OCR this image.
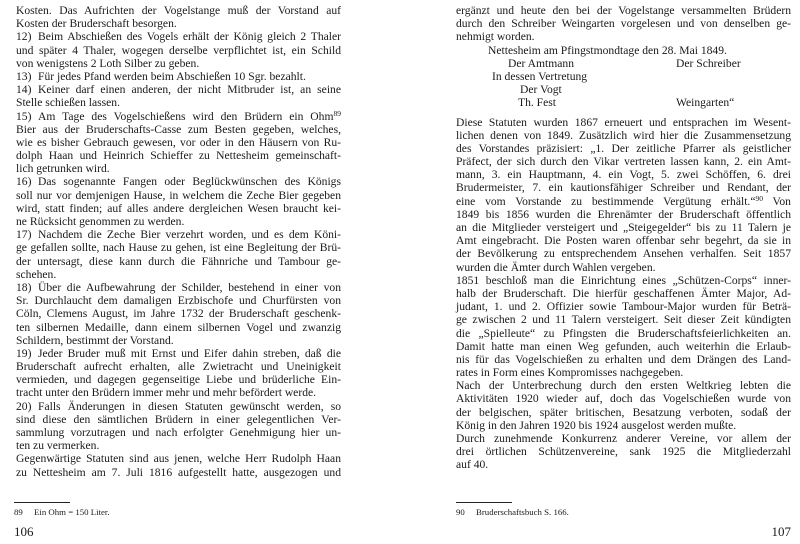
Kosten. Das Aufrichten der Vogelstange muß der Vorstand auf
Kosten der Bruderschaft besorgen.
12) Beim Abschießen des Vogels erhält der König gleich 2 Thaler
und später 4 Thaler, wogegen derselbe verpflichtet ist, ein Schild
von wenigstens 2 Loth Silber zu geben.
13) Für jedes Pfand werden beim Abschießen 10 Sgr. bezahlt.
14) Keiner darf einen anderen, der nicht Mitbruder ist, an seine
Stelle schießen lassen.
15) Am Tage des Vogelschießens wird den Brüdern ein Ohm$^{89}$
Bier aus der Bruderschafts-Casse zum Besten gegeben, welches,
wie es bisher Gebrauch gewesen, vor oder in den Häusern von Ru-
dolph Haan und Heinrich Schieffer zu Nettesheim gemeinschaft-
lich getrunken wird.
16) Das sogenannte Fangen oder Beglückwünschen des Königs
soll nur vor demjenigen Hause, in welchem die Zeche Bier gegeben
wird, statt finden; auf alles andere dergleichen Wesen braucht kei-
ne Rücksicht genommen zu werden.
17) Nachdem die Zeche Bier verzehrt worden, und es dem Köni-
ge gefallen sollte, nach Hause zu gehen, ist eine Begleitung der Brü-
der untersagt, diese kann durch die Fähnriche und Tambour ge-
schehen.
18) Über die Aufbewahrung der Schilder, bestehend in einer von
Sr. Durchlaucht dem damaligen Erzbischofe und Churfürsten von
Cöln, Clemens August, im Jahre 1732 der Bruderschaft geschenk-
ten silbernen Medaille, dann einem silbernen Vogel und zwanzig
Schildern, bestimmt der Vorstand.
19) Jeder Bruder muß mit Ernst und Eifer dahin streben, daß die
Bruderschaft aufrecht erhalten, alle Zwietracht und Uneinigkeit
vermieden, und dagegen gegenseitige Liebe und brüderliche Ein-
tracht unter den Brüdern immer mehr und mehr befördert werde.
20) Falls Änderungen in diesen Statuten gewünscht werden, so
sind diese den sämtlichen Brüdern in einer gelegentlichen Ver-
sammlung vorzutragen und nach erfolgter Genehmigung hier un-
ten zu vermerken.
Gegenwärtige Statuten sind aus jenen, welche Herr Rudolph Haan
zu Nettesheim am 7. Juli 1816 aufgestellt hatte, ausgezogen und
89 Ein Ohm = 150 Liter.
106
ergänzt und heute den bei der Vogelstange versammelten Brüdern
durch den Schreiber Weingarten vorgelesen und von denselben ge-
nehmigt worden.
Nettesheim am Pfingstmondtage den 28. Mai 1849.
Der Amtmann	Der Schreiber
In dessen Vertretung
Der Vogt
Th. Fest	Weingarten“
Diese Statuten wurden 1867 erneuert und entsprachen im Wesent-
lichen denen von 1849. Zusätzlich wird hier die Zusammensetzung
des Vorstandes präzisiert: „1. Der zeitliche Pfarrer als geistlicher
Präfect, der sich durch den Vikar vertreten lassen kann, 2. ein Amt-
mann, 3. ein Hauptmann, 4. ein Vogt, 5. zwei Schöffen, 6. drei
Brudermeister, 7. ein kautionsfähiger Schreiber und Rendant, der
eine vom Vorstande zu bestimmende Vergütung erhält.“$^{90}$ Von
1849 bis 1856 wurden die Ehrenämter der Bruderschaft öffentlich
an die Mitglieder versteigert und „Steigegelder“ bis zu 11 Talern je
Amt eingebracht. Die Posten waren offenbar sehr begehrt, da sie in
der Bevölkerung zu entsprechendem Ansehen verhalfen. Seit 1857
wurden die Ämter durch Wahlen vergeben.
1851 beschloß man die Einrichtung eines „Schützen-Corps“ inner-
halb der Bruderschaft. Die hierfür geschaffenen Ämter Major, Ad-
judant, 1. und 2. Offizier sowie Tambour-Major wurden für Beträ-
ge zwischen 2 und 11 Talern versteigert. Seit dieser Zeit kündigten
die „Spielleute“ zu Pfingsten die Bruderschaftsfeierlichkeiten an.
Damit hatte man einen Weg gefunden, auch weiterhin die Erlaub-
nis für das Vogelschießen zu erhalten und dem Drängen des Land-
rates in Form eines Kompromisses nachgegeben.
Nach der Unterbrechung durch den ersten Weltkrieg lebten die
Aktivitäten 1920 wieder auf, doch das Vogelschießen wurde von
der belgischen, später britischen, Besatzung verboten, sodaß der
König in den Jahren 1920 bis 1924 ausgelost werden mußte.
Durch zunehmende Konkurrenz anderer Vereine, vor allem der
drei örtlichen Schützenvereine, sank 1925 die Mitgliederzahl
auf 40.
90 Bruderschaftsbuch S. 166.
107
